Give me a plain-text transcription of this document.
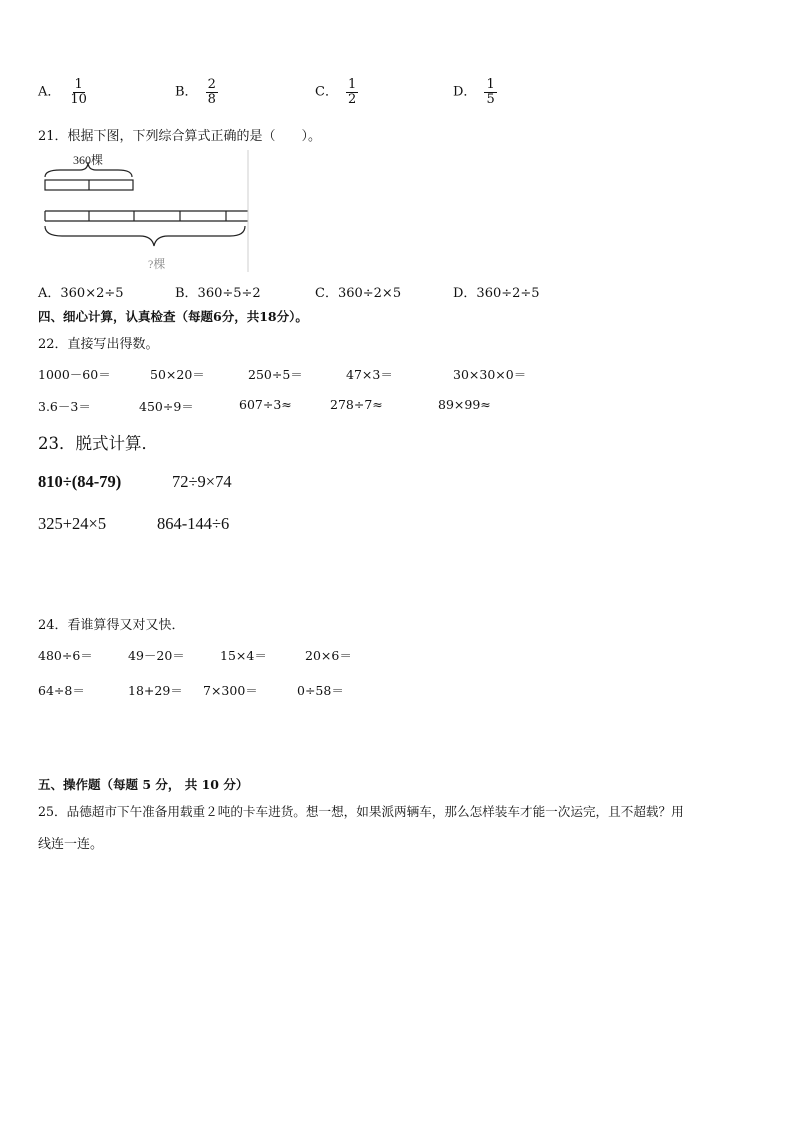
A． $\frac{1}{10}$	B． $\frac{2}{8}$	C． $\frac{1}{2}$	D． $\frac{1}{5}$
21．根据下图，下列综合算式正确的是（　　）。
360棵
?棵
A．360×2÷5	B．360÷5÷2	C．360÷2×5	D．360÷2÷5
四、细心计算，认真检查（每题6分，共18分）。
22．直接写出得数。
1000－60＝	50×20＝	250÷5＝	47×3＝	30×30×0＝
3.6－3＝	450÷9＝	607÷3≈	278÷7≈	89×99≈
23．脱式计算．
810÷(84-79)	72÷9×74
325+24×5	864-144÷6
24．看谁算得又对又快．
480÷6＝	49－20＝	15×4＝	20×6＝
64÷8＝	18+29＝ 7×300＝	0÷58＝
五、操作题（每题 5 分， 共 10 分）
25．品德超市下午准备用载重２吨的卡车进货。想一想，如果派两辆车，那么怎样装车才能一次运完，且不超载？用
线连一连。
